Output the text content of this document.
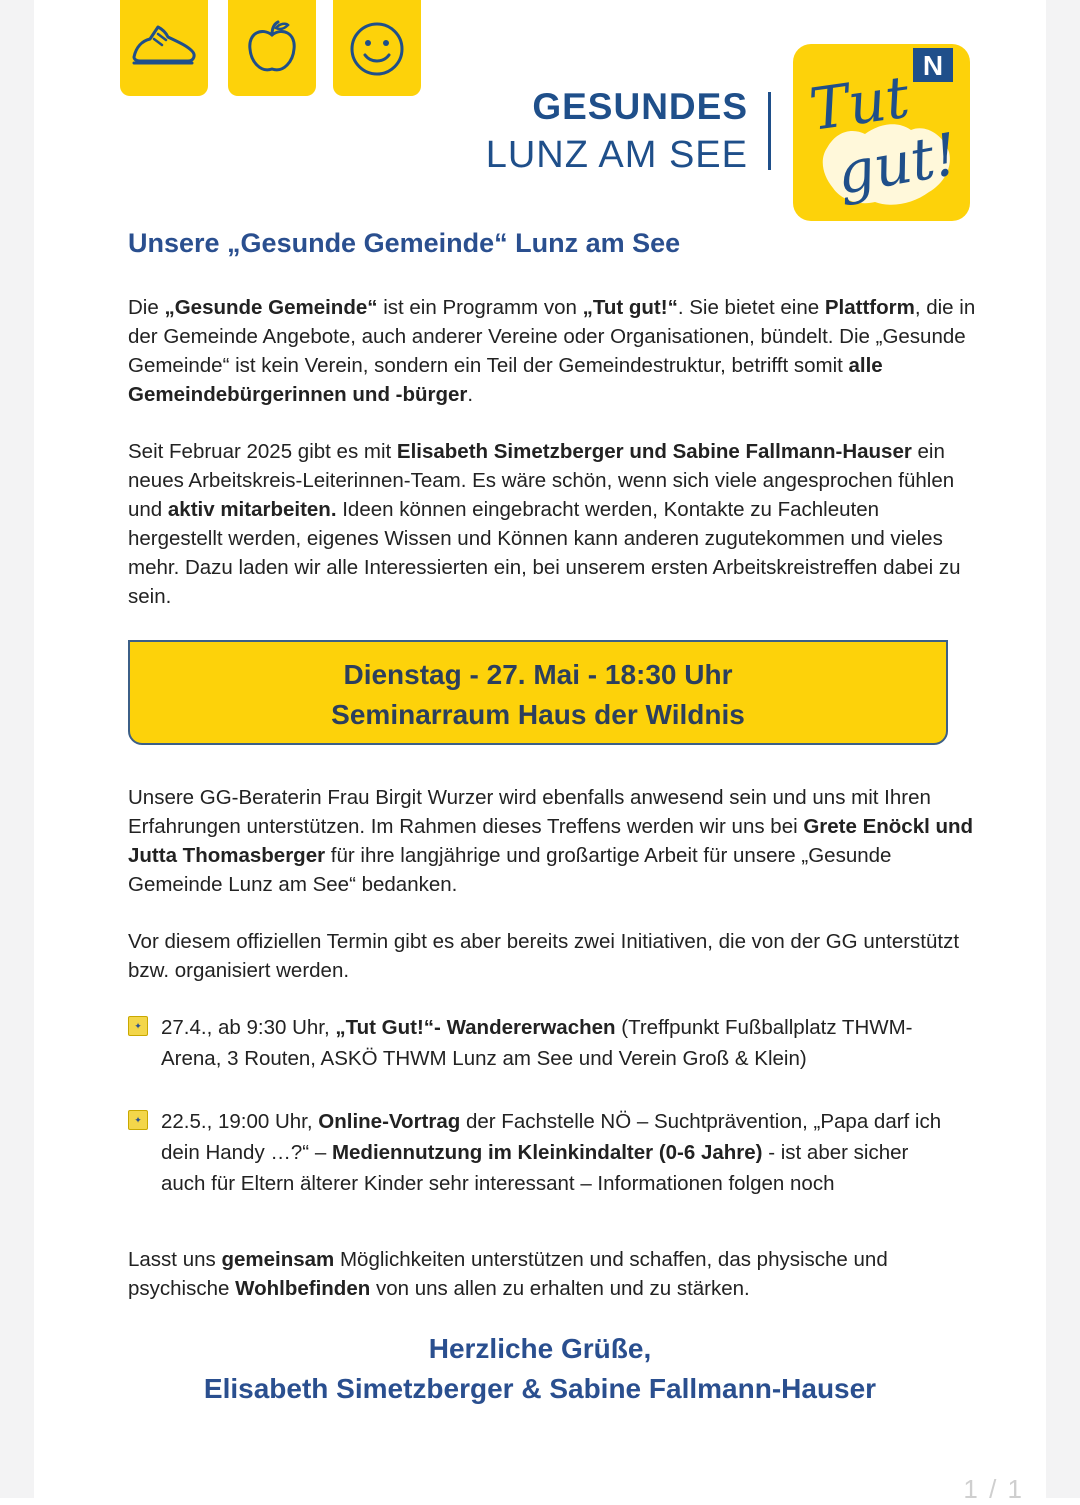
GESUNDES
LUNZ AM SEE
N
Tut
gut!
Unsere „Gesunde Gemeinde“ Lunz am See

Die „Gesunde Gemeinde“ ist ein Programm von „Tut gut!“. Sie bietet eine Plattform, die in der Gemeinde Angebote, auch anderer Vereine oder Organisationen, bündelt. Die „Gesunde Gemeinde“ ist kein Verein, sondern ein Teil der Gemeindestruktur, betrifft somit alle Gemeindebürgerinnen und -bürger.

Seit Februar 2025 gibt es mit Elisabeth Simetzberger und Sabine Fallmann-Hauser ein neues Arbeitskreis-Leiterinnen-Team. Es wäre schön, wenn sich viele angesprochen fühlen und aktiv mitarbeiten. Ideen können eingebracht werden, Kontakte zu Fachleuten hergestellt werden, eigenes Wissen und Können kann anderen zugutekommen und vieles mehr. Dazu laden wir alle Interessierten ein, bei unserem ersten Arbeitskreistreffen dabei zu sein.

Dienstag - 27. Mai - 18:30 Uhr
Seminarraum Haus der Wildnis

Unsere GG-Beraterin Frau Birgit Wurzer wird ebenfalls anwesend sein und uns mit Ihren Erfahrungen unterstützen. Im Rahmen dieses Treffens werden wir uns bei Grete Enöckl und Jutta Thomasberger für ihre langjährige und großartige Arbeit für unsere „Gesunde Gemeinde Lunz am See“ bedanken.

Vor diesem offiziellen Termin gibt es aber bereits zwei Initiativen, die von der GG unterstützt bzw. organisiert werden.

✦ 27.4., ab 9:30 Uhr, „Tut Gut!“- Wandererwachen (Treffpunkt Fußballplatz THWM-Arena, 3 Routen, ASKÖ THWM Lunz am See und Verein Groß & Klein)
✦ 22.5., 19:00 Uhr, Online-Vortrag der Fachstelle NÖ – Suchtprävention, „Papa darf ich dein Handy …?“ – Mediennutzung im Kleinkindalter (0-6 Jahre) - ist aber sicher auch für Eltern älterer Kinder sehr interessant – Informationen folgen noch

Lasst uns gemeinsam Möglichkeiten unterstützen und schaffen, das physische und psychische Wohlbefinden von uns allen zu erhalten und zu stärken.

Herzliche Grüße,
Elisabeth Simetzberger & Sabine Fallmann-Hauser
1 / 1
